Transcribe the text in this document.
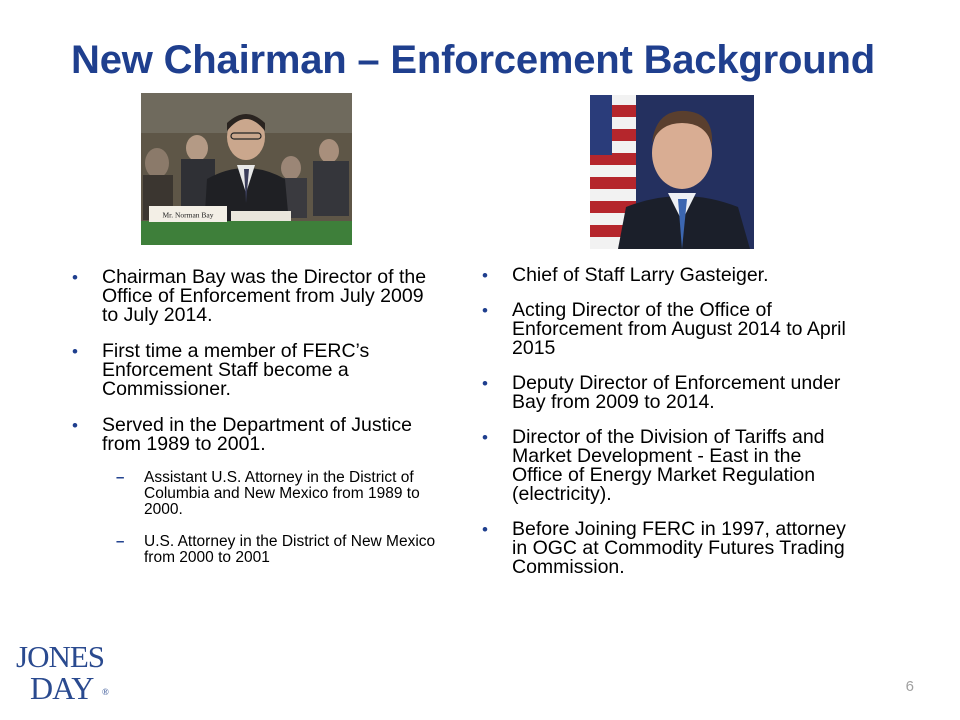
New Chairman – Enforcement Background
Mr. Norman Bay
• Chairman Bay was the Director of the Office of Enforcement from July 2009 to July 2014.
• First time a member of FERC’s Enforcement Staff become a Commissioner.
• Served in the Department of Justice from 1989 to 2001.
– Assistant U.S. Attorney in the District of Columbia and New Mexico from 1989 to 2000.
– U.S. Attorney in the District of New Mexico from 2000 to 2001
• Chief of Staff Larry Gasteiger.
• Acting Director of the Office of Enforcement from August 2014 to April 2015
• Deputy Director of Enforcement under Bay from 2009 to 2014.
• Director of the Division of Tariffs and Market Development - East in the Office of Energy Market Regulation (electricity).
• Before Joining FERC in 1997, attorney in OGC at Commodity Futures Trading Commission.
JONES
DAY ®	6
